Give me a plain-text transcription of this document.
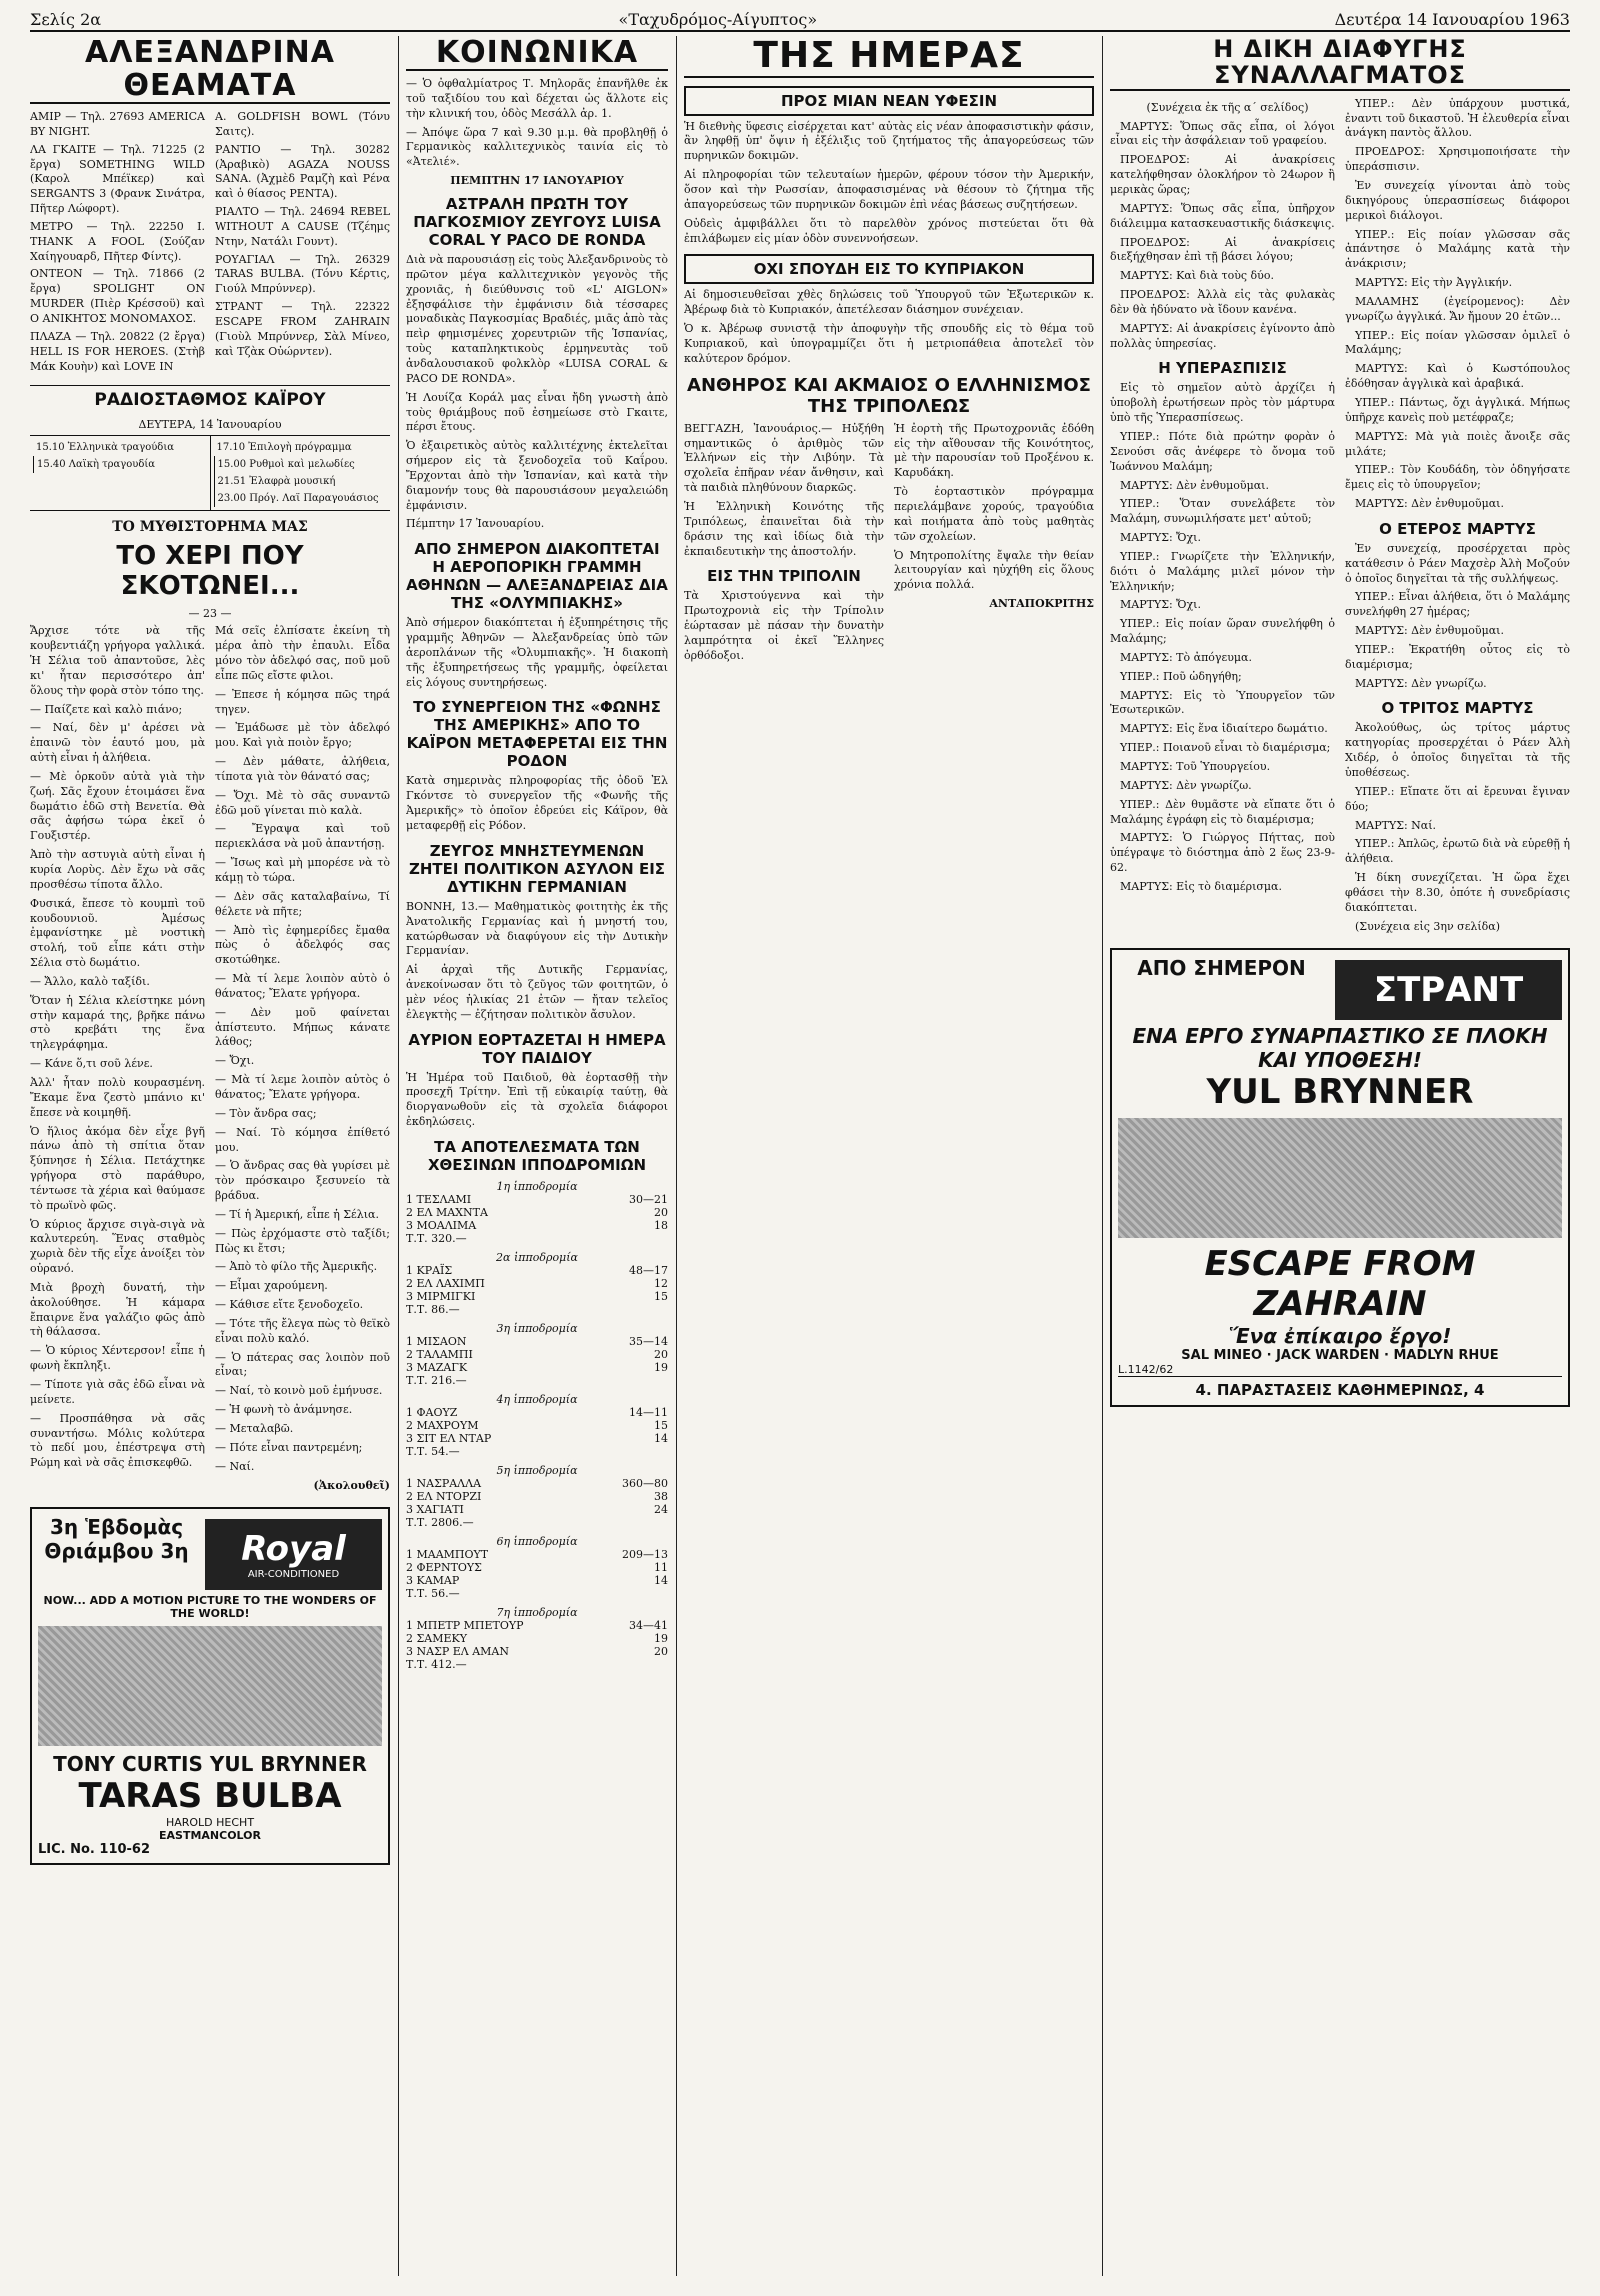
Σελίς 2α	«Ταχυδρόμος-Αίγυπτος»	Δευτέρα 14 Ιανουαρίου 1963
ΑΛΕΞΑΝΔΡΙΝΑ ΘΕΑΜΑΤΑ

ΑΜΙΡ — Τηλ. 27693 AMERICA BY NIGHT.

ΛΑ ΓΚΑΙΤΕ — Τηλ. 71225 (2 ἔργα) SOMETHING WILD (Καρολ Μπέϊκερ) καὶ SERGANTS 3 (Φρανκ Σινάτρα, Πῆτερ Λώφορτ).

ΜΕΤΡΟ — Τηλ. 22250 I. THANK A FOOL (Σούζαν Χαίηγουαρδ, Πῆτερ Φίντς).

ΟΝΤΕΟΝ — Τηλ. 71866 (2 ἔργα) SPOLIGHT ON MURDER (Πιὲρ Κρέσσοϋ) καὶ Ο ΑΝΙΚΗΤΟΣ ΜΟΝΟΜΑΧΟΣ.

ΠΛΑΖΑ — Τηλ. 20822 (2 ἔργα) HELL IS FOR HEROES. (Στὴβ Μάκ Κουὴν) καὶ LOVE IN

A. GOLDFISH BOWL (Τόνυ Σαιτς).

ΡΑΝΤΙΟ — Τηλ. 30282 (Ἀραβικὸ) AGAZA NOUSS SANA. (Ἀχμὲδ Ραμζὴ καὶ Ρένα καὶ ὁ θίασος ΡΕΝΤΑ).

ΡΙΑΛΤΟ — Τηλ. 24694 REBEL WITHOUT A CAUSE (Τζέημς Ντην, Νατάλι Γουντ).

ΡΟΥΑΓΙΑΛ — Τηλ. 26329 TARAS BULBA. (Τόνυ Κέρτις, Γιούλ Μπρύννερ).

ΣΤΡΑΝΤ — Τηλ. 22322 ESCAPE FROM ZAHRAIN (Γιοὺλ Μπρύννερ, Σὰλ Μίνεο, καὶ Τζὰκ Οὐώρντεν).

ΡΑΔΙΟΣΤΑΘΜΟΣ ΚΑΪΡΟΥ
ΔΕΥΤΕΡΑ, 14 Ἰανουαρίου
15.10 Ἑλληνικὰ τραγούδια
15.40 Λαϊκὴ τραγουδία
17.10 Ἐπιλογὴ πρόγραμμα
15.00 Ρυθμοὶ καὶ μελωδίες
21.51 Ἐλαφρὰ μουσική
23.00 Πρόγ. Λαϊ Παραγουάσιος
ΤΟ ΜΥΘΙΣΤΟΡΗΜΑ ΜΑΣ
ΤΟ ΧΕΡΙ ΠΟΥ ΣΚΟΤΩΝΕΙ...
— 23 —

Ἄρχισε τότε νὰ τῆς κουβεντιάζη γρήγορα γαλλικά. Ἡ Σέλια τοῦ ἀπαντοῦσε, λὲς κι' ἦταν περισσότερο ἀπ' ὅλους τὴν φορὰ στὸν τόπο της.

— Παίζετε καὶ καλὸ πιάνο;

— Ναί, δὲν μ' ἀρέσει νὰ ἐπαινῶ τὸν ἑαυτό μου, μὰ αὐτὴ εἶναι ἡ ἀλήθεια.

— Μὲ ὁρκοῦν αὐτὰ γιὰ τὴν ζωή. Σᾶς ἔχουν ἑτοιμάσει ἕνα δωμάτιο ἐδῶ στὴ Βενετία. Θὰ σᾶς ἀφήσω τώρα ἐκεῖ ὁ Γουξιστέρ.

Ἀπὸ τὴν αστυγιὰ αὐτὴ εἶναι ἡ κυρία Λορὺς. Δὲν ἔχω νὰ σᾶς προσθέσω τίποτα ἄλλο.

Φυσικά, ἔπεσε τὸ κουμπὶ τοῦ κουδουνιοῦ. Ἀμέσως ἐμφανίστηκε μὲ νοστικὴ στολή, τοῦ εἶπε κάτι στὴν Σέλια στὸ δωμάτιο.

— Ἄλλο, καλὸ ταξίδι.

Ὅταν ἡ Σέλια κλείστηκε μόνη στὴν καμαρά της, βρῆκε πάνω στὸ κρεβάτι της ἕνα τηλεγράφημα.

— Κάνε ὅ,τι σοῦ λένε.

Ἀλλ' ἦταν πολὺ κουρασμένη. Ἔκαμε ἕνα ζεστὸ μπάνιο κι' ἔπεσε νὰ κοιμηθῆ.

Ὁ ἥλιος ἀκόμα δὲν εἶχε βγῆ πάνω ἀπὸ τὴ σπίτια ὅταν ξύπνησε ἡ Σέλια. Πετάχτηκε γρήγορα στὸ παράθυρο, τέντωσε τὰ χέρια καὶ θαύμασε τὸ πρωϊνὸ φῶς.

Ὁ κύριος ἄρχισε σιγὰ-σιγὰ νὰ καλυτερεύη. Ἕνας σταθμὸς χωριὰ δὲν τῆς εἶχε ἀνοίξει τὸν οὐρανό.

Μιὰ βροχὴ δυνατή, τὴν ἀκολούθησε. Ἡ κάμαρα ἔπαιρνε ἕνα γαλάζιο φῶς ἀπὸ τὴ θάλασσα.

— Ὁ κύριος Χέντερσον! εἶπε ἡ φωνὴ ἔκπληξι.

— Τίποτε γιὰ σᾶς ἐδῶ εἶναι νὰ μείνετε.

— Προσπάθησα νὰ σᾶς συναντήσω. Μόλις κολύτερα τὸ πεδί μου, ἐπέστρεψα στὴ Ρώμη καὶ νὰ σᾶς ἐπισκεφθῶ.

Μά σεῖς ἐλπίσατε ἐκείνη τὴ μέρα ἀπὸ τὴν ἐπαυλι. Εἶδα μόνο τὸν ἀδελφό σας, ποῦ μοῦ εἶπε πῶς εἴστε φιλοι.

— Ἐπεσε ἡ κόμησα πῶς τηρά τηγεν.

— Ἐμάδωσε μὲ τὸν ἀδελφό μου. Καὶ γιὰ ποιὸν ἔργο;

— Δὲν μάθατε, ἀλήθεια, τίποτα γιὰ τὸν θάνατό σας;

— Ὄχι. Μὲ τὸ σᾶς συναντῶ ἐδῶ μοῦ γίνεται πιὸ καλὰ.

— Ἔγραψα καὶ τοῦ περιεκλάσα νὰ μοῦ ἀπαντήσῃ.

— Ἴσως καὶ μὴ μπορέσε νὰ τὸ κάμῃ τὸ τώρα.

— Δὲν σᾶς καταλαβαίνω, Τί θέλετε νὰ πῆτε;

— Ἀπὸ τὶς ἐφημερίδες ἔμαθα πὼς ὁ ἀδελφός σας σκοτώθηκε.

— Μὰ τί λεμε λοιπὸν αὐτὸ ὁ θάνατος; Ἔλατε γρήγορα.

— Δὲν μοῦ φαίνεται ἀπίστευτο. Μήπως κάνατε λάθος;

— Ὄχι.

— Μὰ τί λεμε λοιπὸν αὐτὸς ὁ θάνατος; Ἔλατε γρήγορα.

— Τὸν ἄνδρα σας;

— Ναί. Τὸ κόμησα ἐπίθετό μου.

— Ὁ ἄνδρας σας θὰ γυρίσει μὲ τὸν πρόσκαιρο ξεσυνείο τὰ βράδυα.

— Τί ἡ Ἀμερική, εἶπε ἡ Σέλια.

— Πὼς ἐρχόμαστε στὸ ταξίδι; Πὼς κι ἔτσι;

— Ἀπὸ τὸ φίλο τῆς Ἀμερικῆς.

— Εἶμαι χαρούμενη.

— Κάθισε εἴτε ξενοδοχεῖο.

— Τότε τῆς ἔλεγα πὼς τὸ θεϊκὸ εἶναι πολὺ καλό.

— Ὁ πάτερας σας λοιπὸν ποῦ εἶναι;

— Ναί, τὸ κοινὸ μοῦ ἐμήνυσε.

— Ἡ φωνὴ τὸ ἀνάμνησε.

— Μεταλαβῶ.

— Πότε εἶναι παντρεμένη;

— Ναί.

(Ἀκολουθεῖ)

3η Ἑβδομὰς Θριάμβου 3η	Royal
AIR-CONDITIONED
NOW... ADD A MOTION PICTURE TO THE WONDERS OF THE WORLD!
TONY CURTIS YUL BRYNNER
TARAS BULBA
HAROLD HECHT
EASTMANCOLOR
LIC. No. 110-62
ΚΟΙΝΩΝΙΚΑ

— Ὁ ὀφθαλμίατρος Τ. Μηλορᾶς ἐπανῆλθε ἐκ τοῦ ταξιδίου του καὶ δέχεται ὡς ἄλλοτε εἰς τὴν κλινική του, ὁδὸς Μεσάλλ ἀρ. 1.

— Ἀπόψε ὥρα 7 καὶ 9.30 μ.μ. θὰ προβληθῇ ὁ Γερμανικὸς καλλιτεχνικὸς ταινία εἰς τὸ «Ἀτελιέ».

ΠΕΜΠΤΗΝ 17 ΙΑΝΟΥΑΡΙΟΥ
ΑΣΤΡΑΛΗ ΠΡΩΤΗ ΤΟΥ ΠΑΓΚΟΣΜΙΟΥ ΖΕΥΓΟΥΣ LUISA CORAL Y PACO DE RONDA

Διὰ νὰ παρουσιάσῃ εἰς τοὺς Ἀλεξανδρινοὺς τὸ πρῶτον μέγα καλλιτεχνικὸν γεγονὸς τῆς χρονιᾶς, ἡ διεύθυνσις τοῦ «L' AIGLON» ἐξησφάλισε τὴν ἐμφάνισιν διὰ τέσσαρες μοναδικὰς Παγκοσμίας Βραδιές, μιᾶς ἀπὸ τὰς πεὶρ φημισμένες χορευτριῶν τῆς Ἱσπανίας, τοὺς καταπληκτικοὺς ἑρμηνευτὰς τοῦ ἀνδαλουσιακοῦ φολκλὸρ «LUISA CORAL & PACO DE RONDA».

Ἡ Λουίζα Κοράλ μας εἶναι ἤδη γνωστὴ ἀπὸ τοὺς θριάμβους ποῦ ἐσημείωσε στὸ Γκαιτε, πέρσι ἔτους.

Ὁ ἐξαιρετικὸς αὐτὸς καλλιτέχνης ἐκτελεῖται σήμερον εἰς τὰ ξενοδοχεῖα τοῦ Καΐρου. Ἔρχονται ἀπὸ τὴν Ἱσπανίαν, καὶ κατὰ τὴν διαμονήν τους θὰ παρουσιάσουν μεγαλειώδη ἐμφάνισιν.

Πέμπτην 17 Ἰανουαρίου.

ΑΠΟ ΣΗΜΕΡΟΝ ΔΙΑΚΟΠΤΕΤΑΙ Η ΑΕΡΟΠΟΡΙΚΗ ΓΡΑΜΜΗ ΑΘΗΝΩΝ — ΑΛΕΞΑΝΔΡΕΙΑΣ ΔΙΑ ΤΗΣ «ΟΛΥΜΠΙΑΚΗΣ»

Ἀπὸ σήμερον διακόπτεται ἡ ἐξυπηρέτησις τῆς γραμμῆς Ἀθηνῶν — Ἀλεξανδρείας ὑπὸ τῶν ἀεροπλάνων τῆς «Ὀλυμπιακῆς». Ἡ διακοπὴ τῆς ἐξυπηρετήσεως τῆς γραμμῆς, ὀφείλεται εἰς λόγους συντηρήσεως.

ΤΟ ΣΥΝΕΡΓΕΙΟΝ ΤΗΣ «ΦΩΝΗΣ ΤΗΣ ΑΜΕΡΙΚΗΣ» ΑΠΟ ΤΟ ΚΑΪΡΟΝ ΜΕΤΑΦΕΡΕΤΑΙ ΕΙΣ ΤΗΝ ΡΟΔΟΝ

Κατὰ σημερινὰς πληροφορίας τῆς ὁδοῦ Ἐλ Γκόντσε τὸ συνεργεῖον τῆς «Φωνῆς τῆς Ἀμερικῆς» τὸ ὁποῖον ἐδρεύει εἰς Κάϊρον, θὰ μεταφερθῇ εἰς Ρόδον.

ΖΕΥΓΟΣ ΜΝΗΣΤΕΥΜΕΝΩΝ ΖΗΤΕΙ ΠΟΛΙΤΙΚΟΝ ΑΣΥΛΟΝ ΕΙΣ ΔΥΤΙΚΗΝ ΓΕΡΜΑΝΙΑΝ

ΒΟΝΝΗ, 13.— Μαθηματικὸς φοιτητὴς ἐκ τῆς Ἀνατολικῆς Γερμανίας καὶ ἡ μνηστή του, κατώρθωσαν νὰ διαφύγουν εἰς τὴν Δυτικὴν Γερμανίαν.

Αἱ ἀρχαὶ τῆς Δυτικῆς Γερμανίας, ἀνεκοίνωσαν ὅτι τὸ ζεῦγος τῶν φοιτητῶν, ὁ μὲν νέος ἡλικίας 21 ἐτῶν — ἤταν τελεῖος ἐλεγκτὴς — ἐζήτησαν πολιτικὸν ἄσυλον.

ΑΥΡΙΟΝ ΕΟΡΤΑΖΕΤΑΙ Η ΗΜΕΡΑ ΤΟΥ ΠΑΙΔΙΟΥ

Ἡ Ἡμέρα τοῦ Παιδιοῦ, θὰ ἑορτασθῇ τὴν προσεχῆ Τρίτην. Ἐπὶ τῇ εὐκαιρίᾳ ταύτῃ, θὰ διοργανωθοῦν εἰς τὰ σχολεῖα διάφοροι ἐκδηλώσεις.

ΤΑ ΑΠΟΤΕΛΕΣΜΑΤΑ ΤΩΝ ΧΘΕΣΙΝΩΝ ΙΠΠΟΔΡΟΜΙΩΝ
1η ἱπποδρομία
1 ΤΕΣΛΑΜΙ	30—21
2 ΕΛ ΜΑΧΝΤΑ	20
3 ΜΟΑΛΙΜΑ	18
Τ.Τ. 320.—
2α ἱπποδρομία
1 ΚΡΑΪΣ	48—17
2 ΕΛ ΛΑΧΙΜΠ	12
3 ΜΙΡΜΙΓΚΙ	15
Τ.Τ. 86.—
3η ἱπποδρομία
1 ΜΙΣΑΟΝ	35—14
2 ΤΑΛΑΜΠΙ	20
3 ΜΑΖΑΓΚ	19
Τ.Τ. 216.—
4η ἱπποδρομία
1 ΦΑΟΥΖ	14—11
2 ΜΑΧΡΟΥΜ	15
3 ΣΙΤ ΕΛ ΝΤΑΡ	14
Τ.Τ. 54.—
5η ἱπποδρομία
1 ΝΑΣΡΑΛΛΑ	360—80
2 ΕΛ ΝΤΟΡΖΙ	38
3 ΧΑΓΙΑΤΙ	24
Τ.Τ. 2806.—
6η ἱπποδρομία
1 ΜΑΑΜΠΟΥΤ	209—13
2 ΦΕΡΝΤΟΥΣ	11
3 ΚΑΜΑΡ	14
Τ.Τ. 56.—
7η ἱπποδρομία
1 ΜΠΕΤΡ ΜΠΕΤΟΥΡ	34—41
2 ΣΑΜΕΚΥ	19
3 ΝΑΣΡ ΕΛ ΑΜΑΝ	20
Τ.Τ. 412.—
ΤΗΣ ΗΜΕΡΑΣ
ΠΡΟΣ ΜΙΑΝ ΝΕΑΝ ΥΦΕΣΙΝ

Ἡ διεθνὴς ὕφεσις εἰσέρχεται κατ' αὐτὰς εἰς νέαν ἀποφασιστικὴν φάσιν, ἂν ληφθῇ ὑπ' ὄψιν ἡ ἐξέλιξις τοῦ ζητήματος τῆς ἀπαγορεύσεως τῶν πυρηνικῶν δοκιμῶν.

Αἱ πληροφορίαι τῶν τελευταίων ἡμερῶν, φέρουν τόσον τὴν Ἀμερικήν, ὅσον καὶ τὴν Ρωσσίαν, ἀποφασισμένας νὰ θέσουν τὸ ζήτημα τῆς ἀπαγορεύσεως τῶν πυρηνικῶν δοκιμῶν ἐπὶ νέας βάσεως συζητήσεων.

Οὐδεὶς ἀμφιβάλλει ὅτι τὸ παρελθὸν χρόνος πιστεύεται ὅτι θὰ ἐπιλάβωμεν εἰς μίαν ὁδὸν συνεννοήσεων.

ΟΧΙ ΣΠΟΥΔΗ ΕΙΣ ΤΟ ΚΥΠΡΙΑΚΟΝ

Αἱ δημοσιευθεῖσαι χθὲς δηλώσεις τοῦ Ὑπουργοῦ τῶν Ἐξωτερικῶν κ. Ἀβέρωφ διὰ τὸ Κυπριακόν, ἀπετέλεσαν διάσημον συνέχειαν.

Ὁ κ. Ἀβέρωφ συνιστᾷ τὴν ἀποφυγὴν τῆς σπουδῆς εἰς τὸ θέμα τοῦ Κυπριακοῦ, καὶ ὑπογραμμίζει ὅτι ἡ μετριοπάθεια ἀποτελεῖ τὸν καλύτερον δρόμον.

ΑΝΘΗΡΟΣ ΚΑΙ ΑΚΜΑΙΟΣ Ο ΕΛΛΗΝΙΣΜΟΣ ΤΗΣ ΤΡΙΠΟΛΕΩΣ

ΒΕΓΓΑΖΗ, Ἰανουάριος.— Ηὐξήθη σημαντικῶς ὁ ἀριθμὸς τῶν Ἑλλήνων εἰς τὴν Λιβύην. Τὰ σχολεῖα ἐπῆραν νέαν ἄνθησιν, καὶ τὰ παιδιὰ πληθύνουν διαρκῶς.

Ἡ Ἑλληνικὴ Κοινότης τῆς Τριπόλεως, ἐπαινεῖται διὰ τὴν δράσιν της καὶ ἰδίως διὰ τὴν ἐκπαιδευτικὴν της ἀποστολήν.

ΕΙΣ ΤΗΝ ΤΡΙΠΟΛΙΝ

Τὰ Χριστούγεννα καὶ τὴν Πρωτοχρονιὰ εἰς τὴν Τρίπολιν ἑώρτασαν μὲ πάσαν τὴν δυνατὴν λαμπρότητα οἱ ἐκεῖ Ἕλληνες ὀρθόδοξοι.

Ἡ ἐορτὴ τῆς Πρωτοχρονιᾶς ἐδόθη εἰς τὴν αἴθουσαν τῆς Κοινότητος, μὲ τὴν παρουσίαν τοῦ Προξένου κ. Καρυδάκη.

Τὸ ἑορταστικὸν πρόγραμμα περιελάμβανε χορούς, τραγούδια καὶ ποιήματα ἀπὸ τοὺς μαθητὰς τῶν σχολείων.

Ὁ Μητροπολίτης ἔψαλε τὴν θείαν λειτουργίαν καὶ ηὐχήθη εἰς ὅλους χρόνια πολλά.

ΑΝΤΑΠΟΚΡΙΤΗΣ

Η ΔΙΚΗ ΔΙΑΦΥΓΗΣ ΣΥΝΑΛΛΑΓΜΑΤΟΣ

(Συνέχεια ἐκ τῆς α΄ σελίδος)

ΜΑΡΤΥΣ: Ὅπως σᾶς εἶπα, οἱ λόγοι εἶναι εἰς τὴν ἀσφάλειαν τοῦ γραφείου.

ΠΡΟΕΔΡΟΣ: Αἱ ἀνακρίσεις κατελήφθησαν ὁλοκλήρον τὸ 24ωρον ἢ μερικὰς ὥρας;

ΜΑΡΤΥΣ: Ὅπως σᾶς εἶπα, ὑπῆρχον διάλειμμα κατασκευαστικῆς διάσκεψις.

ΠΡΟΕΔΡΟΣ: Αἱ ἀνακρίσεις διεξήχθησαν ἐπὶ τῇ βάσει λόγου;

ΜΑΡΤΥΣ: Καὶ διὰ τοὺς δύο.

ΠΡΟΕΔΡΟΣ: Ἀλλὰ εἰς τὰς φυλακὰς δὲν θὰ ἠδύνατο νὰ ἴδουν κανένα.

ΜΑΡΤΥΣ: Αἱ ἀνακρίσεις ἐγίνοντο ἀπὸ πολλὰς ὑπηρεσίας.

Η ΥΠΕΡΑΣΠΙΣΙΣ

Εἰς τὸ σημεῖον αὐτὸ ἀρχίζει ἡ ὑποβολὴ ἐρωτήσεων πρὸς τὸν μάρτυρα ὑπὸ τῆς Ὑπερασπίσεως.

ΥΠΕΡ.: Πότε διὰ πρώτην φορὰν ὁ Σενούσι σᾶς ἀνέφερε τὸ ὄνομα τοῦ Ἰωάννου Μαλάμη;

ΜΑΡΤΥΣ: Δὲν ἐνθυμοῦμαι.

ΥΠΕΡ.: Ὅταν συνελάβετε τὸν Μαλάμη, συνωμιλήσατε μετ' αὐτοῦ;

ΜΑΡΤΥΣ: Ὄχι.

ΥΠΕΡ.: Γνωρίζετε τὴν Ἑλληνικήν, διότι ὁ Μαλάμης μιλεῖ μόνον τὴν Ἑλληνικήν;

ΜΑΡΤΥΣ: Ὄχι.

ΥΠΕΡ.: Εἰς ποίαν ὥραν συνελήφθη ὁ Μαλάμης;

ΜΑΡΤΥΣ: Τὸ ἀπόγευμα.

ΥΠΕΡ.: Ποῦ ὡδηγήθη;

ΜΑΡΤΥΣ: Εἰς τὸ Ὑπουργεῖον τῶν Ἐσωτερικῶν.

ΜΑΡΤΥΣ: Εἰς ἕνα ἰδιαίτερο δωμάτιο.

ΥΠΕΡ.: Ποιανοῦ εἶναι τὸ διαμέρισμα;

ΜΑΡΤΥΣ: Τοῦ Ὑπουργείου.

ΜΑΡΤΥΣ: Δὲν γνωρίζω.

ΥΠΕΡ.: Δὲν θυμᾶστε νὰ εἴπατε ὅτι ὁ Μαλάμης ἐγράφη εἰς τὸ διαμέρισμα;

ΜΑΡΤΥΣ: Ὁ Γιώργος Πήττας, ποὺ ὑπέγραψε τὸ διόστημα ἀπὸ 2 ἕως 23-9-62.

ΜΑΡΤΥΣ: Εἰς τὸ διαμέρισμα.

ΥΠΕΡ.: Δὲν ὑπάρχουν μυστικά, ἐναντι τοῦ δικαστοῦ. Ἡ ἐλευθερία εἶναι ἀνάγκη παντὸς ἄλλου.

ΠΡΟΕΔΡΟΣ: Χρησιμοποιήσατε τὴν ὑπεράσπισιν.

Ἐν συνεχείᾳ γίνονται ἀπὸ τοὺς δικηγόρους ὑπερασπίσεως διάφοροι μερικοὶ διάλογοι.

ΥΠΕΡ.: Εἰς ποίαν γλῶσσαν σᾶς ἀπάντησε ὁ Μαλάμης κατὰ τὴν ἀνάκρισιν;

ΜΑΡΤΥΣ: Εἰς τὴν Ἀγγλικήν.

ΜΑΛΑΜΗΣ (ἐγείρομενος): Δὲν γνωρίζω ἀγγλικά. Ἄν ἤμουν 20 ἐτῶν...

ΥΠΕΡ.: Εἰς ποίαν γλῶσσαν ὁμιλεῖ ὁ Μαλάμης;

ΜΑΡΤΥΣ: Καὶ ὁ Κωστόπουλος ἐδόθησαν ἀγγλικὰ καὶ ἀραβικά.

ΥΠΕΡ.: Πάντως, ὄχι ἀγγλικά. Μήπως ὑπῆρχε κανεὶς ποὺ μετέφραζε;

ΜΑΡΤΥΣ: Μὰ γιὰ ποιὲς ἄνοιξε σᾶς μιλάτε;

ΥΠΕΡ.: Τὸν Κουδάδη, τὸν ὁδηγήσατε ἔμεις εἰς τὸ ὑπουργεῖον;

ΜΑΡΤΥΣ: Δὲν ἐνθυμοῦμαι.

Ο ΕΤΕΡΟΣ ΜΑΡΤΥΣ

Ἐν συνεχείᾳ, προσέρχεται πρὸς κατάθεσιν ὁ Ράεν Μαχσὲρ Ἀλὴ Μοζούν ὁ ὁποῖος διηγεῖται τὰ τῆς συλλήψεως.

ΥΠΕΡ.: Εἶναι ἀλήθεια, ὅτι ὁ Μαλάμης συνελήφθη 27 ἡμέρας;

ΜΑΡΤΥΣ: Δὲν ἐνθυμοῦμαι.

ΥΠΕΡ.: Ἐκρατήθη οὗτος εἰς τὸ διαμέρισμα;

ΜΑΡΤΥΣ: Δὲν γνωρίζω.

Ο ΤΡΙΤΟΣ ΜΑΡΤΥΣ

Ἀκολούθως, ὡς τρίτος μάρτυς κατηγορίας προσερχέται ὁ Ράεν Ἀλὴ Χιδέρ, ὁ ὁποῖος διηγεῖται τὰ τῆς ὑποθέσεως.

ΥΠΕΡ.: Εἴπατε ὅτι αἱ ἔρευναι ἔγιναν δύο;

ΜΑΡΤΥΣ: Ναί.

ΥΠΕΡ.: Ἀπλῶς, ἐρωτῶ διὰ νὰ εὑρεθῇ ἡ ἀλήθεια.

Ἡ δίκη συνεχίζεται. Ἡ ὥρα ἔχει φθάσει τὴν 8.30, ὁπότε ἡ συνεδρίασις διακόπτεται.

(Συνέχεια εἰς 3ην σελίδα)

ΑΠΟ ΣΗΜΕΡΟΝ
ΣΤΡΑΝΤ
ΕΝΑ ΕΡΓΟ ΣΥΝΑΡΠΑΣΤΙΚΟ ΣΕ ΠΛΟΚΗ ΚΑΙ ΥΠΟΘΕΣΗ!
YUL BRYNNER
ESCAPE FROM ZAHRAIN
Ἕνα ἐπίκαιρο ἔργο!
SAL MINEO · JACK WARDEN · MADLYN RHUE
L.1142/62
4. ΠΑΡΑΣΤΑΣΕΙΣ ΚΑΘΗΜΕΡΙΝΩΣ, 4
